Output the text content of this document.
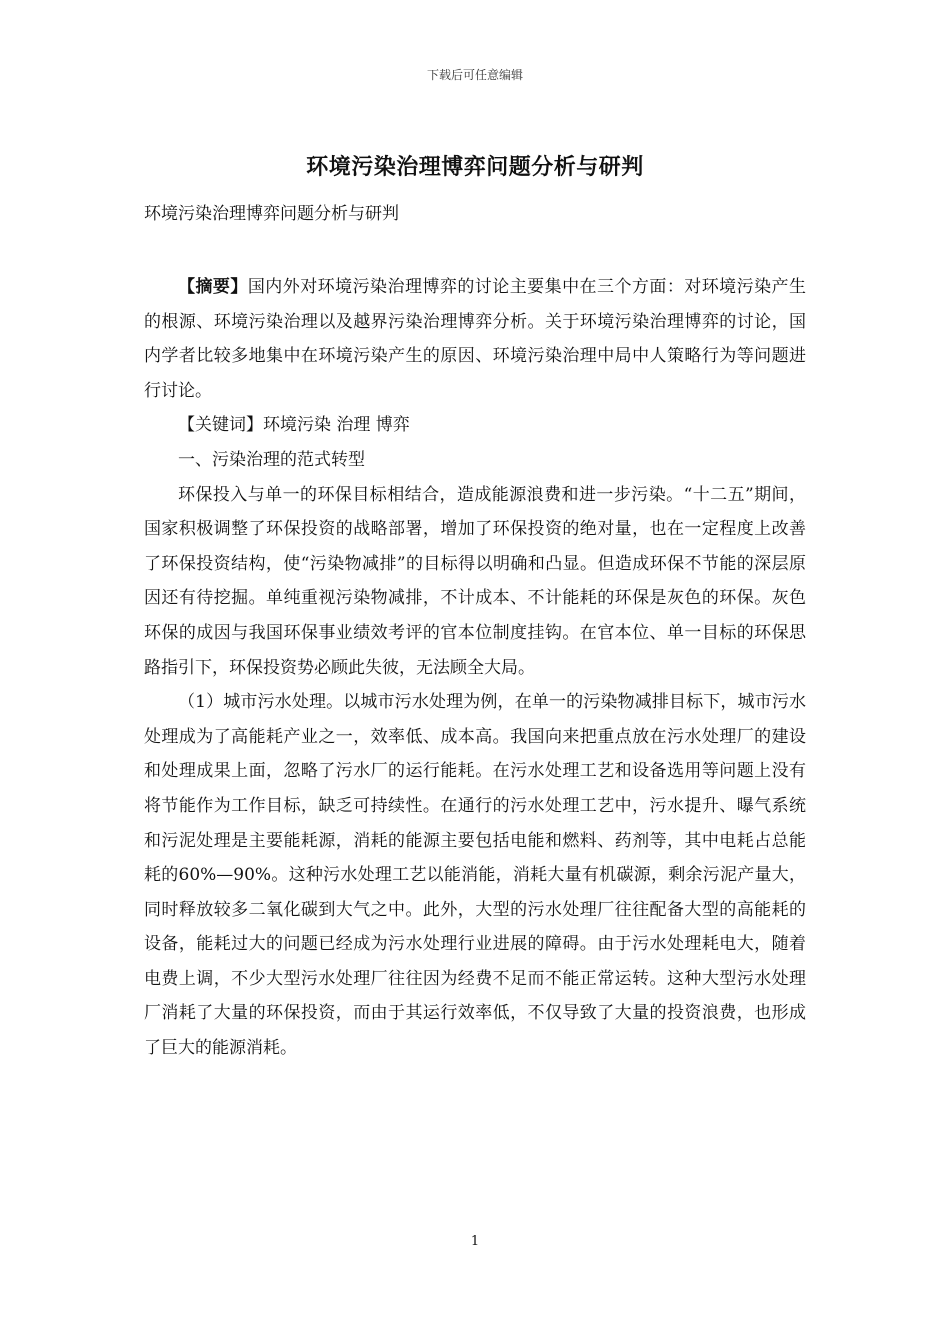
下载后可任意编辑
环境污染治理博弈问题分析与研判
环境污染治理博弈问题分析与研判

【摘要】国内外对环境污染治理博弈的讨论主要集中在三个方面：对环境污染产生的根源、环境污染治理以及越界污染治理博弈分析。关于环境污染治理博弈的讨论，国内学者比较多地集中在环境污染产生的原因、环境污染治理中局中人策略行为等问题进行讨论。

【关键词】环境污染 治理 博弈

一、污染治理的范式转型

环保投入与单一的环保目标相结合，造成能源浪费和进一步污染。“十二五”期间，国家积极调整了环保投资的战略部署，增加了环保投资的绝对量，也在一定程度上改善了环保投资结构，使“污染物减排”的目标得以明确和凸显。但造成环保不节能的深层原因还有待挖掘。单纯重视污染物减排，不计成本、不计能耗的环保是灰色的环保。灰色环保的成因与我国环保事业绩效考评的官本位制度挂钩。在官本位、单一目标的环保思路指引下，环保投资势必顾此失彼，无法顾全大局。

（1）城市污水处理。以城市污水处理为例，在单一的污染物减排目标下，城市污水处理成为了高能耗产业之一，效率低、成本高。我国向来把重点放在污水处理厂的建设和处理成果上面，忽略了污水厂的运行能耗。在污水处理工艺和设备选用等问题上没有将节能作为工作目标，缺乏可持续性。在通行的污水处理工艺中，污水提升、曝气系统和污泥处理是主要能耗源，消耗的能源主要包括电能和燃料、药剂等，其中电耗占总能耗的60%—90%。这种污水处理工艺以能消能，消耗大量有机碳源，剩余污泥产量大，同时释放较多二氧化碳到大气之中。此外，大型的污水处理厂往往配备大型的高能耗的设备，能耗过大的问题已经成为污水处理行业进展的障碍。由于污水处理耗电大，随着电费上调，不少大型污水处理厂往往因为经费不足而不能正常运转。这种大型污水处理厂消耗了大量的环保投资，而由于其运行效率低，不仅导致了大量的投资浪费，也形成了巨大的能源消耗。

1
